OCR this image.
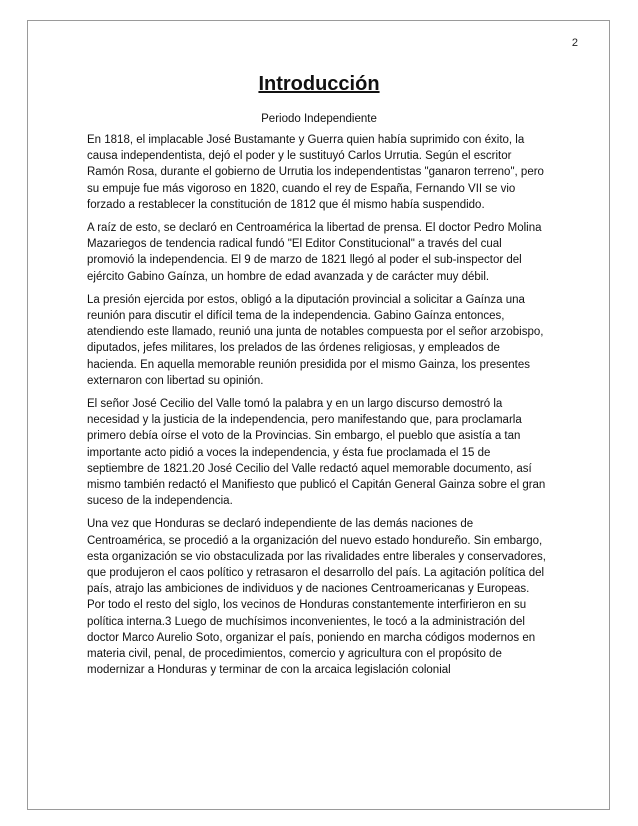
2
Introducción
Periodo Independiente

En 1818, el implacable José Bustamante y Guerra quien había suprimido con éxito, la causa independentista, dejó el poder y le sustituyó Carlos Urrutia. Según el escritor Ramón Rosa, durante el gobierno de Urrutia los independentistas "ganaron terreno", pero su empuje fue más vigoroso en 1820, cuando el rey de España, Fernando VII se vio forzado a restablecer la constitución de 1812 que él mismo había suspendido.

A raíz de esto, se declaró en Centroamérica la libertad de prensa. El doctor Pedro Molina Mazariegos de tendencia radical fundó "El Editor Constitucional" a través del cual promovió la independencia. El 9 de marzo de 1821 llegó al poder el sub-inspector del ejército Gabino Gaínza, un hombre de edad avanzada y de carácter muy débil.

La presión ejercida por estos, obligó a la diputación provincial a solicitar a Gaínza una reunión para discutir el difícil tema de la independencia. Gabino Gaínza entonces, atendiendo este llamado, reunió una junta de notables compuesta por el señor arzobispo, diputados, jefes militares, los prelados de las órdenes religiosas, y empleados de hacienda. En aquella memorable reunión presidida por el mismo Gainza, los presentes externaron con libertad su opinión.

El señor José Cecilio del Valle tomó la palabra y en un largo discurso demostró la necesidad y la justicia de la independencia, pero manifestando que, para proclamarla primero debía oírse el voto de la Provincias. Sin embargo, el pueblo que asistía a tan importante acto pidió a voces la independencia, y ésta fue proclamada el 15 de septiembre de 1821.20 José Cecilio del Valle redactó aquel memorable documento, así mismo también redactó el Manifiesto que publicó el Capitán General Gainza sobre el gran suceso de la independencia.

Una vez que Honduras se declaró independiente de las demás naciones de Centroamérica, se procedió a la organización del nuevo estado hondureño. Sin embargo, esta organización se vio obstaculizada por las rivalidades entre liberales y conservadores, que produjeron el caos político y retrasaron el desarrollo del país. La agitación política del país, atrajo las ambiciones de individuos y de naciones Centroamericanas y Europeas. Por todo el resto del siglo, los vecinos de Honduras constantemente interfirieron en su política interna.3 Luego de muchísimos inconvenientes, le tocó a la administración del doctor Marco Aurelio Soto, organizar el país, poniendo en marcha códigos modernos en materia civil, penal, de procedimientos, comercio y agricultura con el propósito de modernizar a Honduras y terminar de con la arcaica legislación colonial
